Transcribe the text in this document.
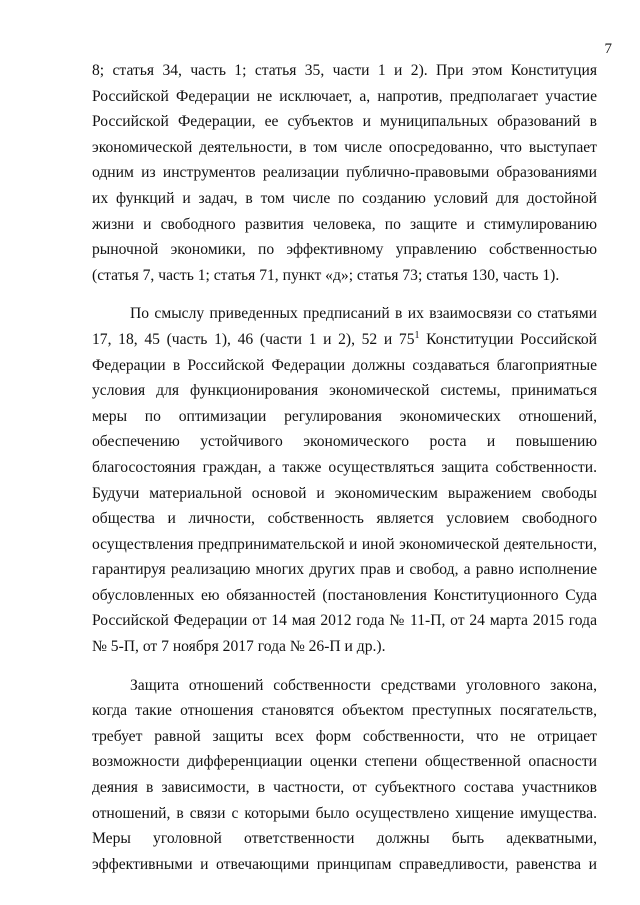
7
8; статья 34, часть 1; статья 35, части 1 и 2). При этом Конституция
Российской Федерации не исключает, а, напротив, предполагает участие
Российской Федерации, ее субъектов и муниципальных образований в
экономической деятельности, в том числе опосредованно, что выступает
одним из инструментов реализации публично-правовыми образованиями
их функций и задач, в том числе по созданию условий для достойной
жизни и свободного развития человека, по защите и стимулированию
рыночной экономики, по эффективному управлению собственностью
(статья 7, часть 1; статья 71, пункт «д»; статья 73; статья 130, часть 1).
По смыслу приведенных предписаний в их взаимосвязи со статьями
17, 18, 45 (часть 1), 46 (части 1 и 2), 52 и $75^1$ Конституции Российской
Федерации в Российской Федерации должны создаваться благоприятные
условия для функционирования экономической системы, приниматься
меры по оптимизации регулирования экономических отношений,
обеспечению устойчивого экономического роста и повышению
благосостояния граждан, а также осуществляться защита собственности.
Будучи материальной основой и экономическим выражением свободы
общества и личности, собственность является условием свободного
осуществления предпринимательской и иной экономической деятельности,
гарантируя реализацию многих других прав и свобод, а равно исполнение
обусловленных ею обязанностей (постановления Конституционного Суда
Российской Федерации от 14 мая 2012 года № 11-П, от 24 марта 2015 года
№ 5-П, от 7 ноября 2017 года № 26-П и др.).
Защита отношений собственности средствами уголовного закона,
когда такие отношения становятся объектом преступных посягательств,
требует равной защиты всех форм собственности, что не отрицает
возможности дифференциации оценки степени общественной опасности
деяния в зависимости, в частности, от субъектного состава участников
отношений, в связи с которыми было осуществлено хищение имущества.
Меры уголовной ответственности должны быть адекватными,
эффективными и отвечающими принципам справедливости, равенства и
